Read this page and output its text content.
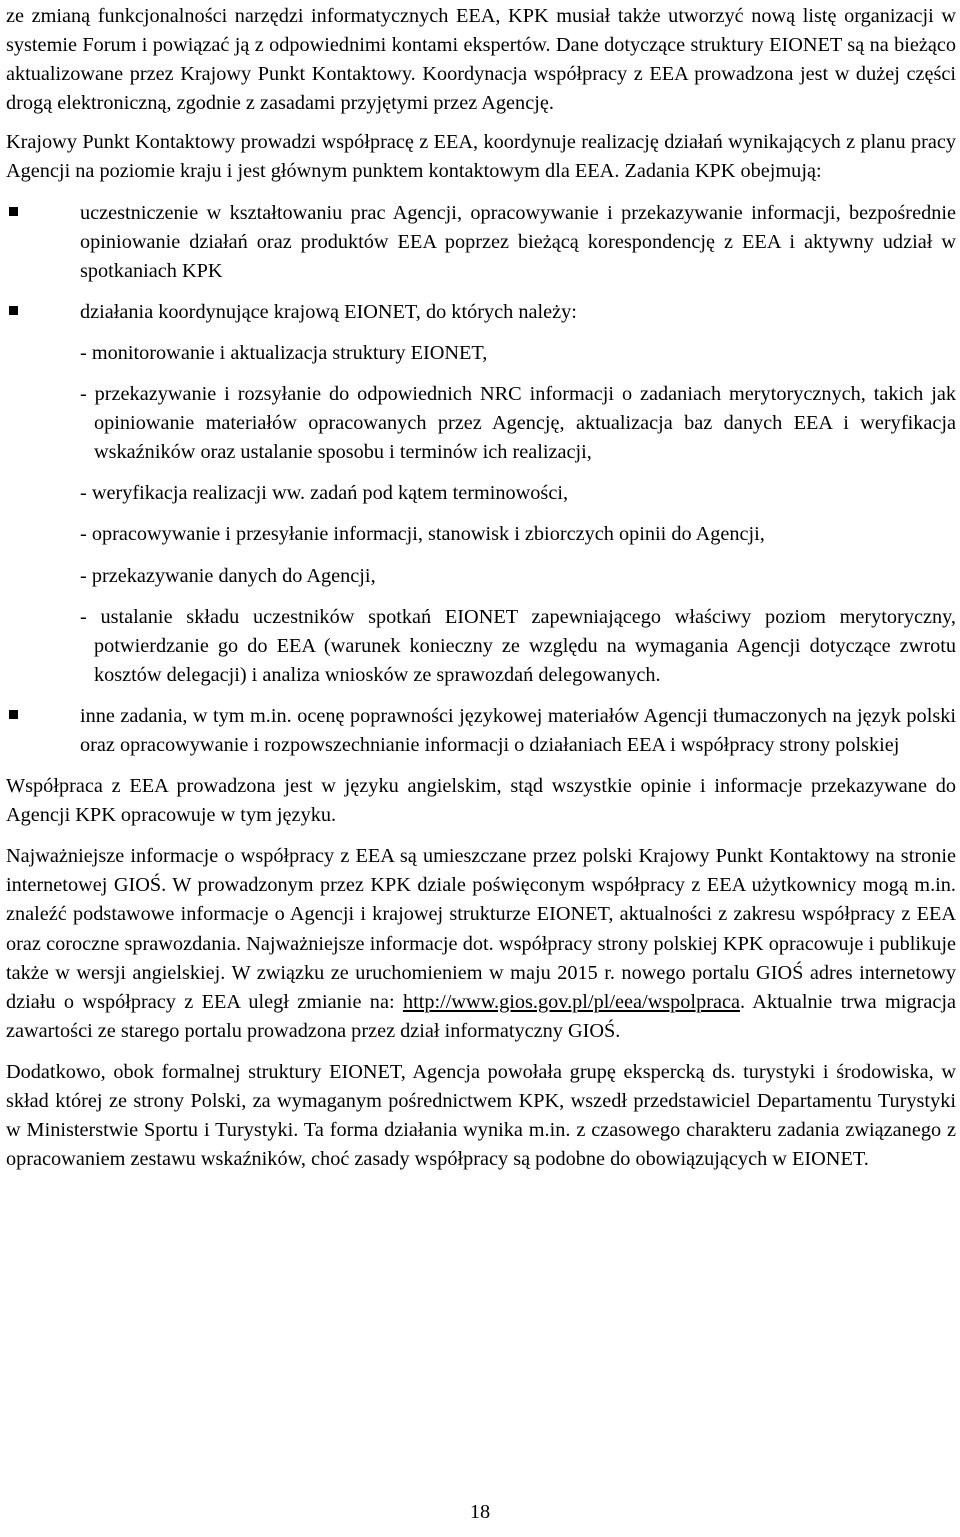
ze zmianą funkcjonalności narzędzi informatycznych EEA, KPK musiał także utworzyć nową listę organizacji w systemie Forum i powiązać ją z odpowiednimi kontami ekspertów. Dane dotyczące struktury EIONET są na bieżąco aktualizowane przez Krajowy Punkt Kontaktowy. Koordynacja współpracy z EEA prowadzona jest w dużej części drogą elektroniczną, zgodnie z zasadami przyjętymi przez Agencję.

Krajowy Punkt Kontaktowy prowadzi współpracę z EEA, koordynuje realizację działań wynikających z planu pracy Agencji na poziomie kraju i jest głównym punktem kontaktowym dla EEA. Zadania KPK obejmują:

uczestniczenie w kształtowaniu prac Agencji, opracowywanie i przekazywanie informacji, bezpośrednie opiniowanie działań oraz produktów EEA poprzez bieżącą korespondencję z EEA i aktywny udział w spotkaniach KPK
działania koordynujące krajową EIONET, do których należy:
- monitorowanie i aktualizacja struktury EIONET,
- przekazywanie i rozsyłanie do odpowiednich NRC informacji o zadaniach merytorycznych, takich jak opiniowanie materiałów opracowanych przez Agencję, aktualizacja baz danych EEA i weryfikacja wskaźników oraz ustalanie sposobu i terminów ich realizacji,
- weryfikacja realizacji ww. zadań pod kątem terminowości,
- opracowywanie i przesyłanie informacji, stanowisk i zbiorczych opinii do Agencji,
- przekazywanie danych do Agencji,
- ustalanie składu uczestników spotkań EIONET zapewniającego właściwy poziom merytoryczny, potwierdzanie go do EEA (warunek konieczny ze względu na wymagania Agencji dotyczące zwrotu kosztów delegacji) i analiza wniosków ze sprawozdań delegowanych.
inne zadania, w tym m.in. ocenę poprawności językowej materiałów Agencji tłumaczonych na język polski oraz opracowywanie i rozpowszechnianie informacji o działaniach EEA i współpracy strony polskiej

Współpraca z EEA prowadzona jest w języku angielskim, stąd wszystkie opinie i informacje przekazywane do Agencji KPK opracowuje w tym języku.

Najważniejsze informacje o współpracy z EEA są umieszczane przez polski Krajowy Punkt Kontaktowy na stronie internetowej GIOŚ. W prowadzonym przez KPK dziale poświęconym współpracy z EEA użytkownicy mogą m.in. znaleźć podstawowe informacje o Agencji i krajowej strukturze EIONET, aktualności z zakresu współpracy z EEA oraz coroczne sprawozdania. Najważniejsze informacje dot. współpracy strony polskiej KPK opracowuje i publikuje także w wersji angielskiej. W związku ze uruchomieniem w maju 2015 r. nowego portalu GIOŚ adres internetowy działu o współpracy z EEA uległ zmianie na: http://www.gios.gov.pl/pl/eea/wspolpraca. Aktualnie trwa migracja zawartości ze starego portalu prowadzona przez dział informatyczny GIOŚ.

Dodatkowo, obok formalnej struktury EIONET, Agencja powołała grupę ekspercką ds. turystyki i środowiska, w skład której ze strony Polski, za wymaganym pośrednictwem KPK, wszedł przedstawiciel Departamentu Turystyki w Ministerstwie Sportu i Turystyki. Ta forma działania wynika m.in. z czasowego charakteru zadania związanego z opracowaniem zestawu wskaźników, choć zasady współpracy są podobne do obowiązujących w EIONET.

18
